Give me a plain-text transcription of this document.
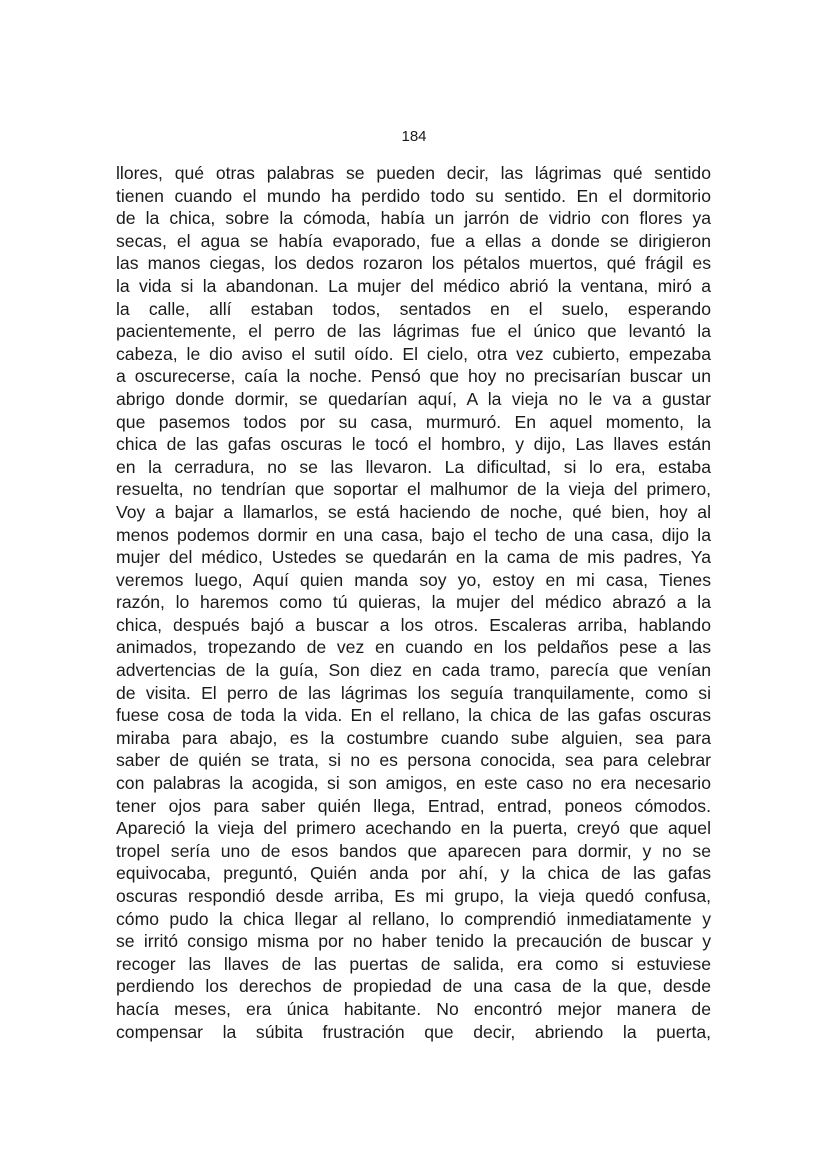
184
llores, qué otras palabras se pueden decir, las lágrimas qué sentido
tienen cuando el mundo ha perdido todo su sentido. En el dormitorio
de la chica, sobre la cómoda, había un jarrón de vidrio con flores ya
secas, el agua se había evaporado, fue a ellas a donde se dirigieron
las manos ciegas, los dedos rozaron los pétalos muertos, qué frágil es
la vida si la abandonan. La mujer del médico abrió la ventana, miró a
la calle, allí estaban todos, sentados en el suelo, esperando
pacientemente, el perro de las lágrimas fue el único que levantó la
cabeza, le dio aviso el sutil oído. El cielo, otra vez cubierto, empezaba
a oscurecerse, caía la noche. Pensó que hoy no precisarían buscar un
abrigo donde dormir, se quedarían aquí, A la vieja no le va a gustar
que pasemos todos por su casa, murmuró. En aquel momento, la
chica de las gafas oscuras le tocó el hombro, y dijo, Las llaves están
en la cerradura, no se las llevaron. La dificultad, si lo era, estaba
resuelta, no tendrían que soportar el malhumor de la vieja del primero,
Voy a bajar a llamarlos, se está haciendo de noche, qué bien, hoy al
menos podemos dormir en una casa, bajo el techo de una casa, dijo la
mujer del médico, Ustedes se quedarán en la cama de mis padres, Ya
veremos luego, Aquí quien manda soy yo, estoy en mi casa, Tienes
razón, lo haremos como tú quieras, la mujer del médico abrazó a la
chica, después bajó a buscar a los otros. Escaleras arriba, hablando
animados, tropezando de vez en cuando en los peldaños pese a las
advertencias de la guía, Son diez en cada tramo, parecía que venían
de visita. El perro de las lágrimas los seguía tranquilamente, como si
fuese cosa de toda la vida. En el rellano, la chica de las gafas oscuras
miraba para abajo, es la costumbre cuando sube alguien, sea para
saber de quién se trata, si no es persona conocida, sea para celebrar
con palabras la acogida, si son amigos, en este caso no era necesario
tener ojos para saber quién llega, Entrad, entrad, poneos cómodos.
Apareció la vieja del primero acechando en la puerta, creyó que aquel
tropel sería uno de esos bandos que aparecen para dormir, y no se
equivocaba, preguntó, Quién anda por ahí, y la chica de las gafas
oscuras respondió desde arriba, Es mi grupo, la vieja quedó confusa,
cómo pudo la chica llegar al rellano, lo comprendió inmediatamente y
se irritó consigo misma por no haber tenido la precaución de buscar y
recoger las llaves de las puertas de salida, era como si estuviese
perdiendo los derechos de propiedad de una casa de la que, desde
hacía meses, era única habitante. No encontró mejor manera de
compensar la súbita frustración que decir, abriendo la puerta,
